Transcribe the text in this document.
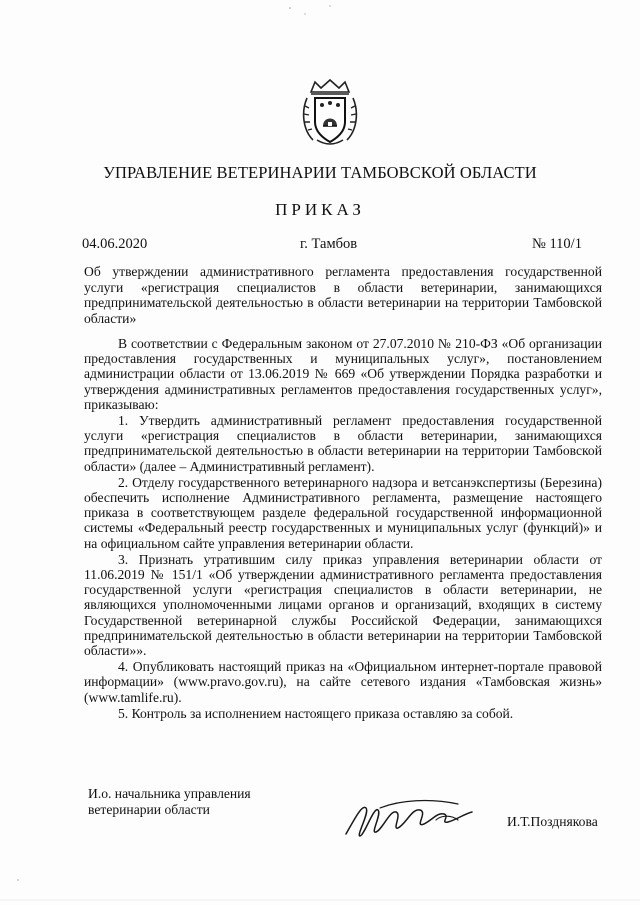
УПРАВЛЕНИЕ ВЕТЕРИНАРИИ ТАМБОВСКОЙ ОБЛАСТИ
ПРИКАЗ
04.06.2020	г. Тамбов	№ 110/1
Об утверждении административного регламента предоставления государственной услуги «регистрация специалистов в области ветеринарии, занимающихся предпринимательской деятельностью в области ветеринарии на территории Тамбовской области»

В соответствии с Федеральным законом от 27.07.2010 № 210-ФЗ «Об организации предоставления государственных и муниципальных услуг», постановлением администрации области от 13.06.2019 № 669 «Об утверждении Порядка разработки и утверждения административных регламентов предоставления государственных услуг», приказываю:

1. Утвердить административный регламент предоставления государственной услуги «регистрация специалистов в области ветеринарии, занимающихся предпринимательской деятельностью в области ветеринарии на территории Тамбовской области» (далее – Административный регламент).

2. Отделу государственного ветеринарного надзора и ветсанэкспертизы (Березина) обеспечить исполнение Административного регламента, размещение настоящего приказа в соответствующем разделе федеральной государственной информационной системы «Федеральный реестр государственных и муниципальных услуг (функций)» и на официальном сайте управления ветеринарии области.

3. Признать утратившим силу приказ управления ветеринарии области от 11.06.2019 № 151/1 «Об утверждении административного регламента предоставления государственной услуги «регистрация специалистов в области ветеринарии, не являющихся уполномоченными лицами органов и организаций, входящих в систему Государственной ветеринарной службы Российской Федерации, занимающихся предпринимательской деятельностью в области ветеринарии на территории Тамбовской области»».

4. Опубликовать настоящий приказ на «Официальном интернет-портале правовой информации» (www.pravo.gov.ru), на сайте сетевого издания «Тамбовская жизнь» (www.tamlife.ru).

5. Контроль за исполнением настоящего приказа оставляю за собой.

И.о. начальника управления
ветеринарии области
И.Т.Позднякова
